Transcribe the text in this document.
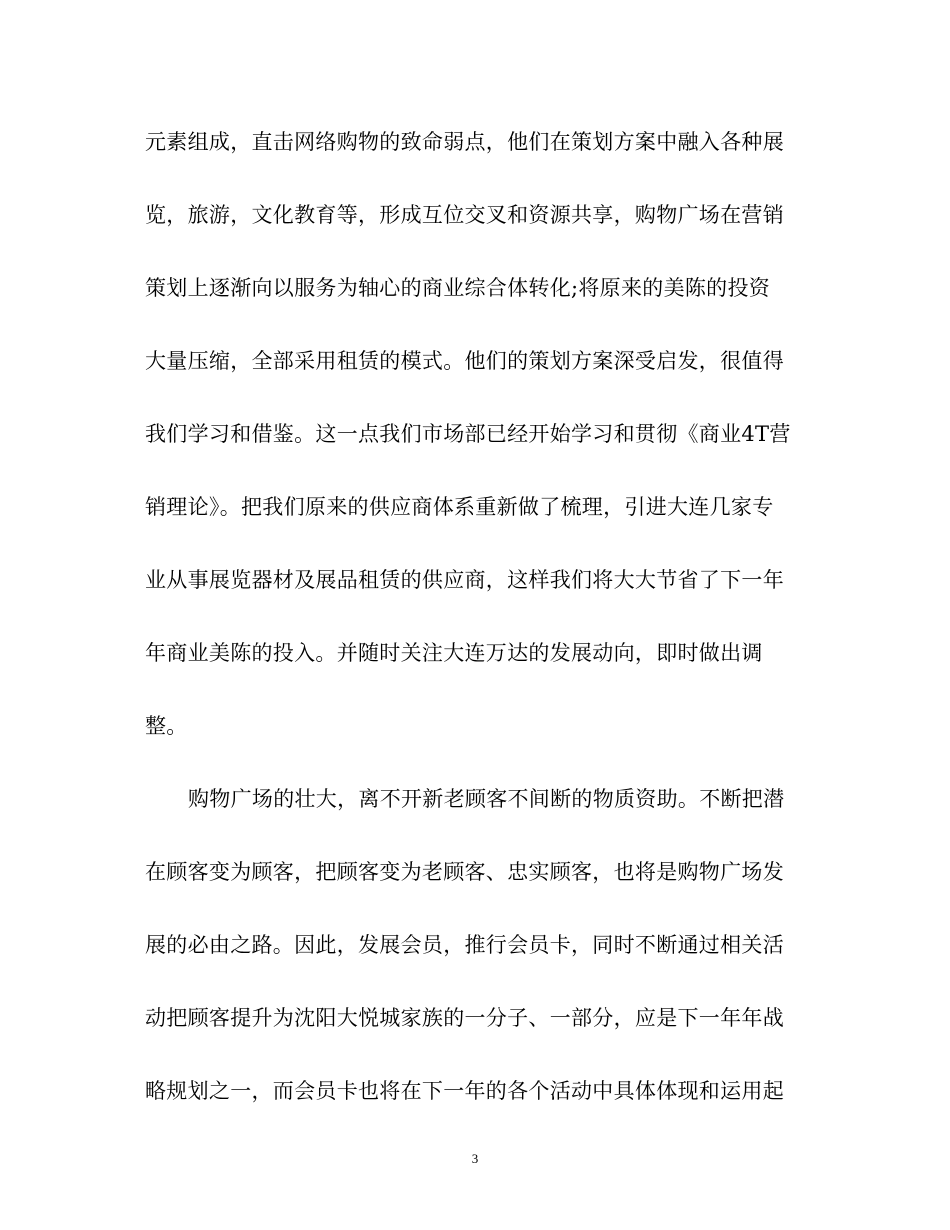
元素组成，直击网络购物的致命弱点，他们在策划方案中融入各种展
览，旅游，文化教育等，形成互位交叉和资源共享，购物广场在营销
策划上逐渐向以服务为轴心的商业综合体转化;将原来的美陈的投资
大量压缩，全部采用租赁的模式。他们的策划方案深受启发，很值得
我们学习和借鉴。这一点我们市场部已经开始学习和贯彻《商业4T营
销理论》。把我们原来的供应商体系重新做了梳理，引进大连几家专
业从事展览器材及展品租赁的供应商，这样我们将大大节省了下一年
年商业美陈的投入。并随时关注大连万达的发展动向，即时做出调
整。
购物广场的壮大，离不开新老顾客不间断的物质资助。不断把潜
在顾客变为顾客，把顾客变为老顾客、忠实顾客，也将是购物广场发
展的必由之路。因此，发展会员，推行会员卡，同时不断通过相关活
动把顾客提升为沈阳大悦城家族的一分子、一部分，应是下一年年战
略规划之一，而会员卡也将在下一年的各个活动中具体体现和运用起
3
